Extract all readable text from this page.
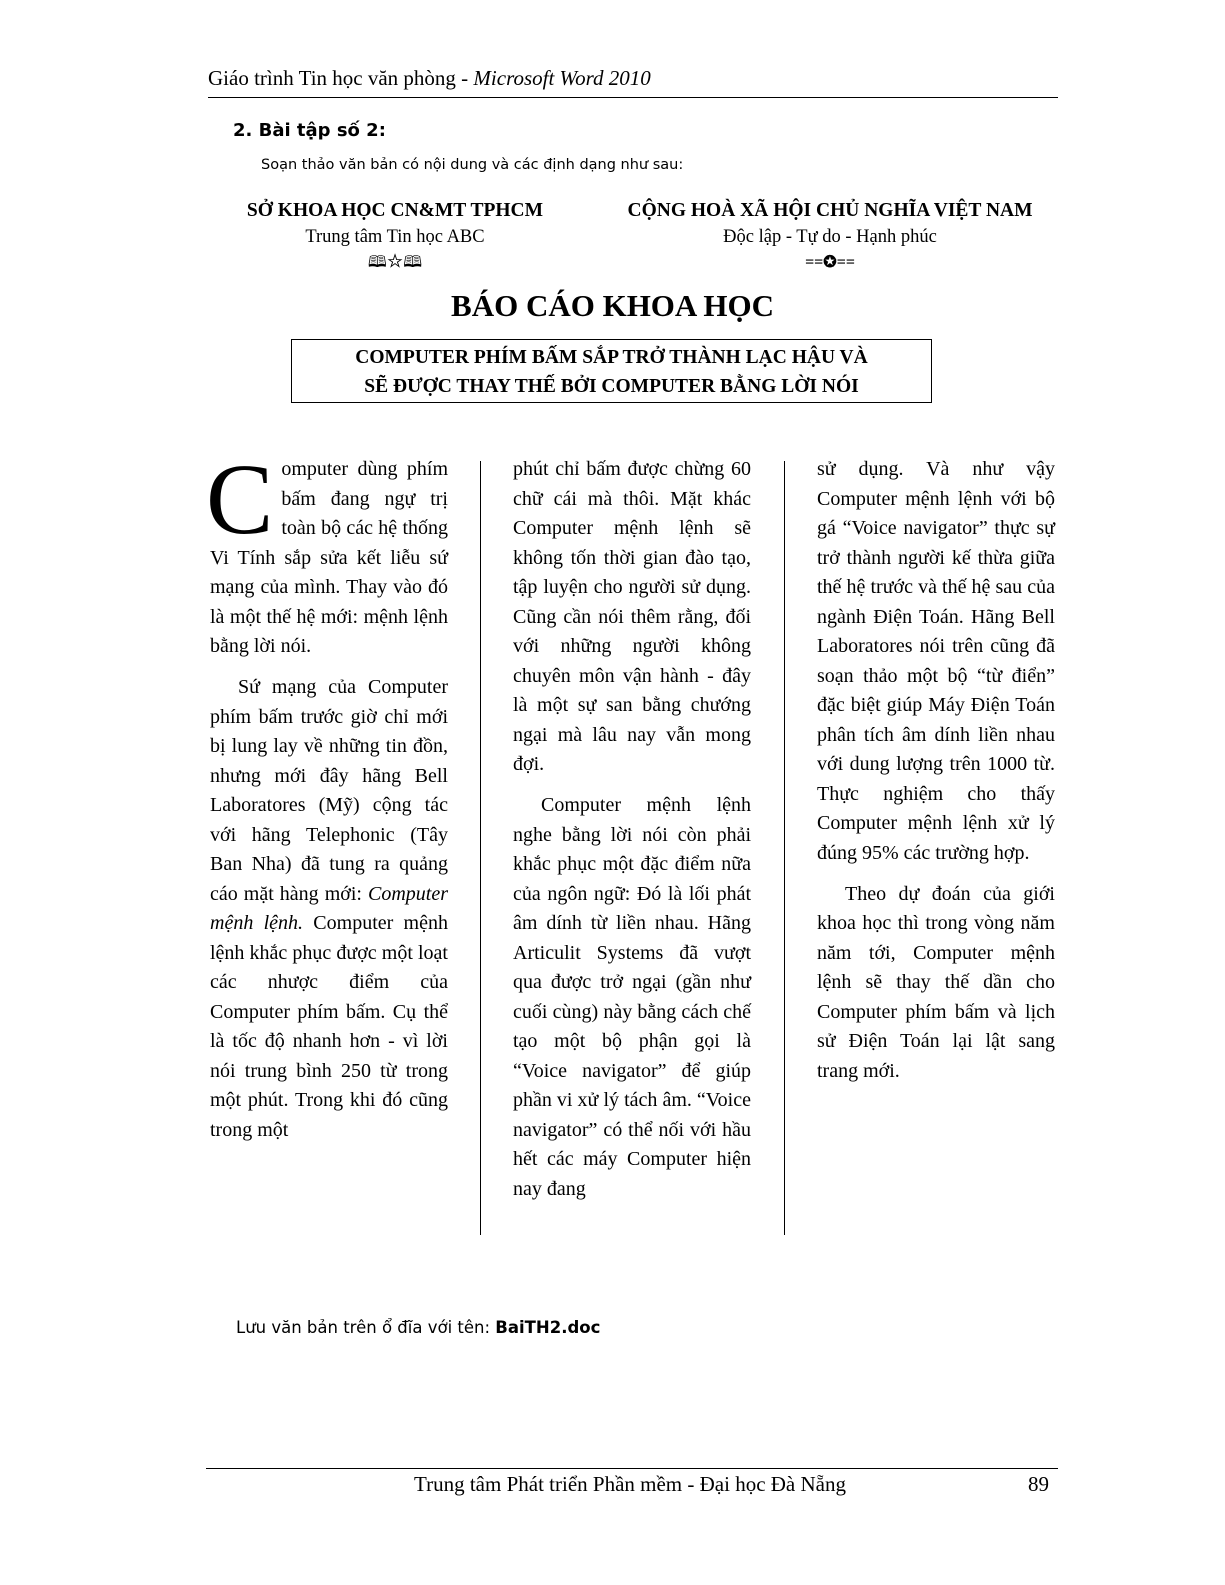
Giáo trình Tin học văn phòng - Microsoft Word 2010
2. Bài tập số 2:
Soạn thảo văn bản có nội dung và các định dạng như sau:
SỞ KHOA HỌC CN&MT TPHCM
Trung tâm Tin học ABC
🕮☆🕮
CỘNG HOÀ XÃ HỘI CHỦ NGHĨA VIỆT NAM
Độc lập - Tự do - Hạnh phúc
==✪==
BÁO CÁO KHOA HỌC
COMPUTER PHÍM BẤM SẮP TRỞ THÀNH LẠC HẬU VÀ
SẼ ĐƯỢC THAY THẾ BỞI COMPUTER BẰNG LỜI NÓI

Computer dùng phím bấm đang ngự trị toàn bộ các hệ thống Vi Tính sắp sửa kết liễu sứ mạng của mình. Thay vào đó là một thế hệ mới: mệnh lệnh bằng lời nói.

Sứ mạng của Computer phím bấm trước giờ chỉ mới bị lung lay về những tin đồn, nhưng mới đây hãng Bell Laboratores (Mỹ) cộng tác với hãng Telephonic (Tây Ban Nha) đã tung ra quảng cáo mặt hàng mới: Computer mệnh lệnh.​ Computer mệnh lệnh khắc phục được một loạt các nhược điểm của Computer phím bấm. Cụ thể là tốc độ nhanh hơn - vì lời nói trung bình 250 từ trong một phút. Trong khi đó cũng trong một

phút chỉ bấm được chừng 60 chữ cái mà thôi. Mặt khác Computer mệnh lệnh sẽ không tốn thời gian đào tạo, tập luyện cho người sử dụng. Cũng cần nói thêm rằng, đối với những người không chuyên môn vận hành - đây là một sự san bằng chướng ngại mà lâu nay vẫn mong đợi.

Computer mệnh lệnh nghe bằng lời nói còn phải khắc phục một đặc điểm nữa của ngôn ngữ: Đó là lối phát âm dính từ liền nhau. Hãng Articulit Systems đã vượt qua được trở ngại (gần như cuối cùng) này bằng cách chế tạo một bộ phận gọi là “Voice navigator” để giúp phần vi xử lý tách âm. “Voice navigator” có thể nối với hầu hết các máy Computer hiện nay đang

sử dụng. Và như vậy Computer mệnh lệnh với bộ gá “Voice navigator” thực sự trở thành người kế thừa giữa thế hệ trước và thế hệ sau của ngành Điện Toán. Hãng Bell Laboratores nói trên cũng đã soạn thảo một bộ “từ điển” đặc biệt giúp Máy Điện Toán phân tích âm dính liền nhau với dung lượng trên 1000 từ. Thực nghiệm cho thấy Computer mệnh lệnh xử lý đúng 95% các trường hợp.

Theo dự đoán của giới khoa học thì trong vòng năm năm tới, Computer mệnh lệnh sẽ thay thế dần cho Computer phím bấm và lịch sử Điện Toán lại lật sang trang mới.

Lưu văn bản trên ổ đĩa với tên: BaiTH2.doc
Trung tâm Phát triển Phần mềm - Đại học Đà Nẵng	89
